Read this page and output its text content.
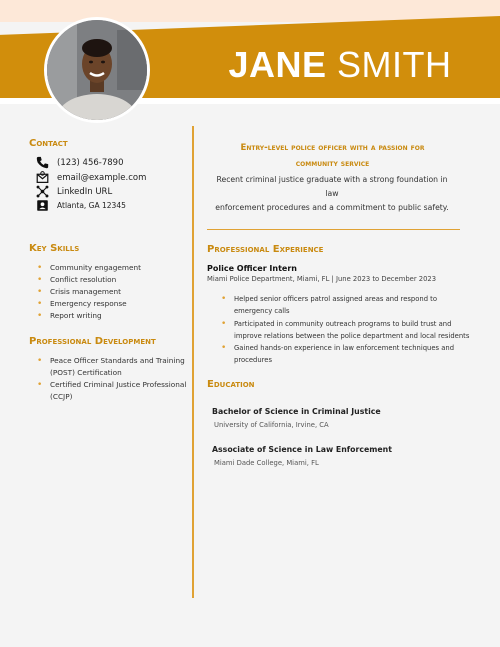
JANE SMITH
Contact
(123) 456-7890
email@example.com
LinkedIn URL
Atlanta, GA 12345
Key Skills
• Community engagement
• Conflict resolution
• Crisis management
• Emergency response
• Report writing
Professional Development
• Peace Officer Standards and Training
(POST) Certification
• Certified Criminal Justice Professional
(CCJP)
Entry-level police officer with a passion for
community service
Recent criminal justice graduate with a strong foundation in law
enforcement procedures and a commitment to public safety.
Professional Experience
Police Officer Intern
Miami Police Department, Miami, FL | June 2023 to December 2023
• Helped senior officers patrol assigned areas and respond to
emergency calls
• Participated in community outreach programs to build trust and
improve relations between the police department and local residents
• Gained hands-on experience in law enforcement techniques and
procedures
Education
Bachelor of Science in Criminal Justice
University of California, Irvine, CA
Associate of Science in Law Enforcement
Miami Dade College, Miami, FL
